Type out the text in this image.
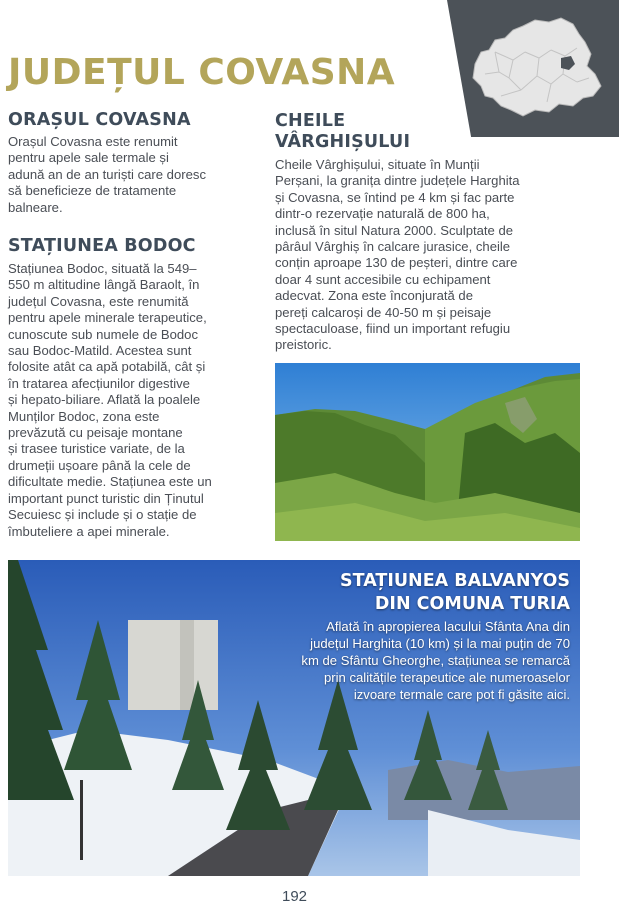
JUDEȚUL COVASNA
ORAȘUL COVASNA
Orașul Covasna este renumit
pentru apele sale termale și
adună an de an turiști care doresc
să beneficieze de tratamente
balneare.
STAȚIUNEA BODOC
Stațiunea Bodoc, situată la 549–
550 m altitudine lângă Baraolt, în
județul Covasna, este renumită
pentru apele minerale terapeutice,
cunoscute sub numele de Bodoc
sau Bodoc-Matild. Acestea sunt
folosite atât ca apă potabilă, cât și
în tratarea afecțiunilor digestive
și hepato-biliare. Aflată la poalele
Munților Bodoc, zona este
prevăzută cu peisaje montane
și trasee turistice variate, de la
drumeții ușoare până la cele de
dificultate medie. Stațiunea este un
important punct turistic din Ținutul
Secuiesc și include și o stație de
îmbuteliere a apei minerale.
CHEILE
VÂRGHIȘULUI
Cheile Vârghișului, situate în Munții
Perșani, la granița dintre județele Harghita
și Covasna, se întind pe 4 km și fac parte
dintr-o rezervație naturală de 800 ha,
inclusă în situl Natura 2000. Sculptate de
pârâul Vârghiș în calcare jurasice, cheile
conțin aproape 130 de peșteri, dintre care
doar 4 sunt accesibile cu echipament
adecvat. Zona este înconjurată de
pereți calcaroși de 40-50 m și peisaje
spectaculoase, fiind un important refugiu
preistoric.
STAȚIUNEA BALVANYOS
DIN COMUNA TURIA
Aflată în apropierea lacului Sfânta Ana din
județul Harghita (10 km) și la mai puțin de 70
km de Sfântu Gheorghe, stațiunea se remarcă
prin calitățile terapeutice ale numeroaselor
izvoare termale care pot fi găsite aici.
192
